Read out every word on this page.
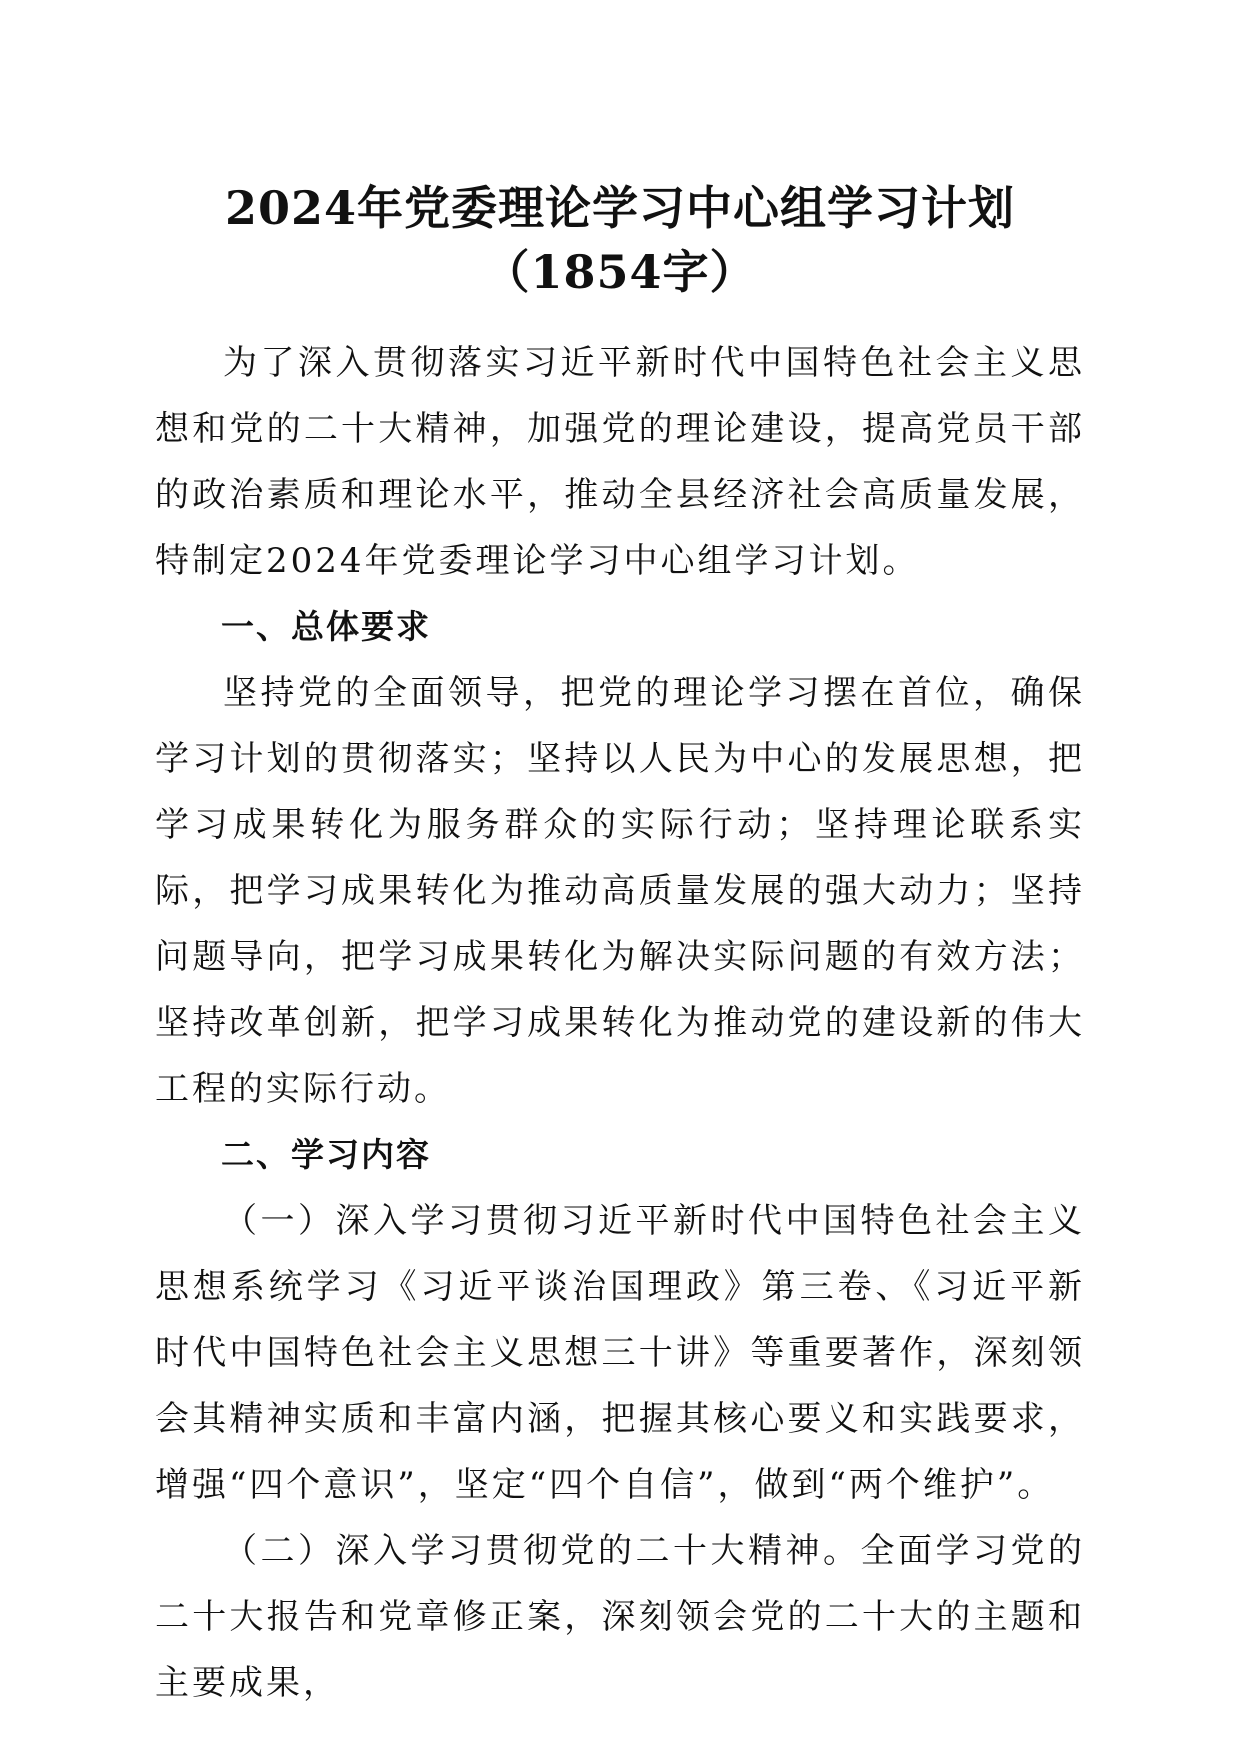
2024年党委理论学习中心组学习计划（1854字）

为了深入贯彻落实习近平新时代中国特色社会主义思想和党的二十大精神，加强党的理论建设，提高党员干部的政治素质和理论水平，推动全县经济社会高质量发展，特制定2024年党委理论学习中心组学习计划。

一、总体要求

坚持党的全面领导，把党的理论学习摆在首位，确保学习计划的贯彻落实；坚持以人民为中心的发展思想，把学习成果转化为服务群众的实际行动；坚持理论联系实际，把学习成果转化为推动高质量发展的强大动力；坚持问题导向，把学习成果转化为解决实际问题的有效方法；坚持改革创新，把学习成果转化为推动党的建设新的伟大工程的实际行动。

二、学习内容

（一）深入学习贯彻习近平新时代中国特色社会主义思想系统学习《习近平谈治国理政》第三卷、《习近平新时代中国特色社会主义思想三十讲》等重要著作，深刻领会其精神实质和丰富内涵，把握其核心要义和实践要求，增强“四个意识”，坚定“四个自信”，做到“两个维护”。

（二）深入学习贯彻党的二十大精神。全面学习党的二十大报告和党章修正案，深刻领会党的二十大的主题和主要成果，
